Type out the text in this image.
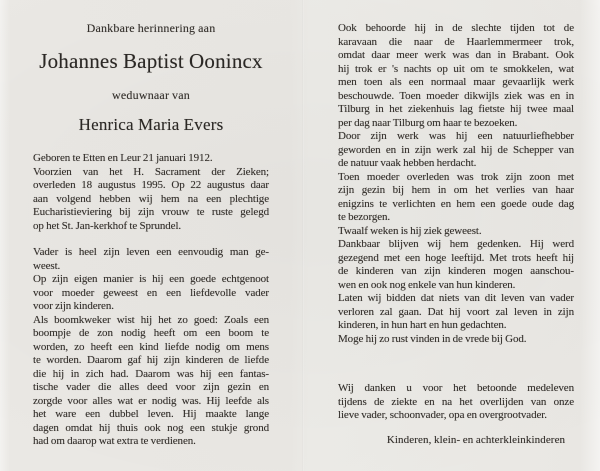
Dankbare herinnering aan
Johannes Baptist Oonincx
weduwnaar van
Henrica Maria Evers
Geboren te Etten en Leur 21 januari 1912.
Voorzien van het H. Sacrament der Zieken;
overleden 18 augustus 1995. Op 22 augustus daar
aan volgend hebben wij hem na een plechtige
Eucharistieviering bij zijn vrouw te ruste gelegd
op het St. Jan-kerkhof te Sprundel.
Vader is heel zijn leven een eenvoudig man ge-
weest.
Op zijn eigen manier is hij een goede echtgenoot
voor moeder geweest en een liefdevolle vader
voor zijn kinderen.
Als boomkweker wist hij het zo goed: Zoals een
boompje de zon nodig heeft om een boom te
worden, zo heeft een kind liefde nodig om mens
te worden. Daarom gaf hij zijn kinderen de liefde
die hij in zich had. Daarom was hij een fantas-
tische vader die alles deed voor zijn gezin en
zorgde voor alles wat er nodig was. Hij leefde als
het ware een dubbel leven. Hij maakte lange
dagen omdat hij thuis ook nog een stukje grond
had om daarop wat extra te verdienen.
Ook behoorde hij in de slechte tijden tot de
karavaan die naar de Haarlemmermeer trok,
omdat daar meer werk was dan in Brabant. Ook
hij trok er 's nachts op uit om te smokkelen, wat
men toen als een normaal maar gevaarlijk werk
beschouwde. Toen moeder dikwijls ziek was en in
Tilburg in het ziekenhuis lag fietste hij twee maal
per dag naar Tilburg om haar te bezoeken.
Door zijn werk was hij een natuurliefhebber
geworden en in zijn werk zal hij de Schepper van
de natuur vaak hebben herdacht.
Toen moeder overleden was trok zijn zoon met
zijn gezin bij hem in om het verlies van haar
enigzins te verlichten en hem een goede oude dag
te bezorgen.
Twaalf weken is hij ziek geweest.
Dankbaar blijven wij hem gedenken. Hij werd
gezegend met een hoge leeftijd. Met trots heeft hij
de kinderen van zijn kinderen mogen aanschou-
wen en ook nog enkele van hun kinderen.
Laten wij bidden dat niets van dit leven van vader
verloren zal gaan. Dat hij voort zal leven in zijn
kinderen, in hun hart en hun gedachten.
Moge hij zo rust vinden in de vrede bij God.
Wij danken u voor het betoonde medeleven
tijdens de ziekte en na het overlijden van onze
lieve vader, schoonvader, opa en overgrootvader.
Kinderen, klein- en achterkleinkinderen
